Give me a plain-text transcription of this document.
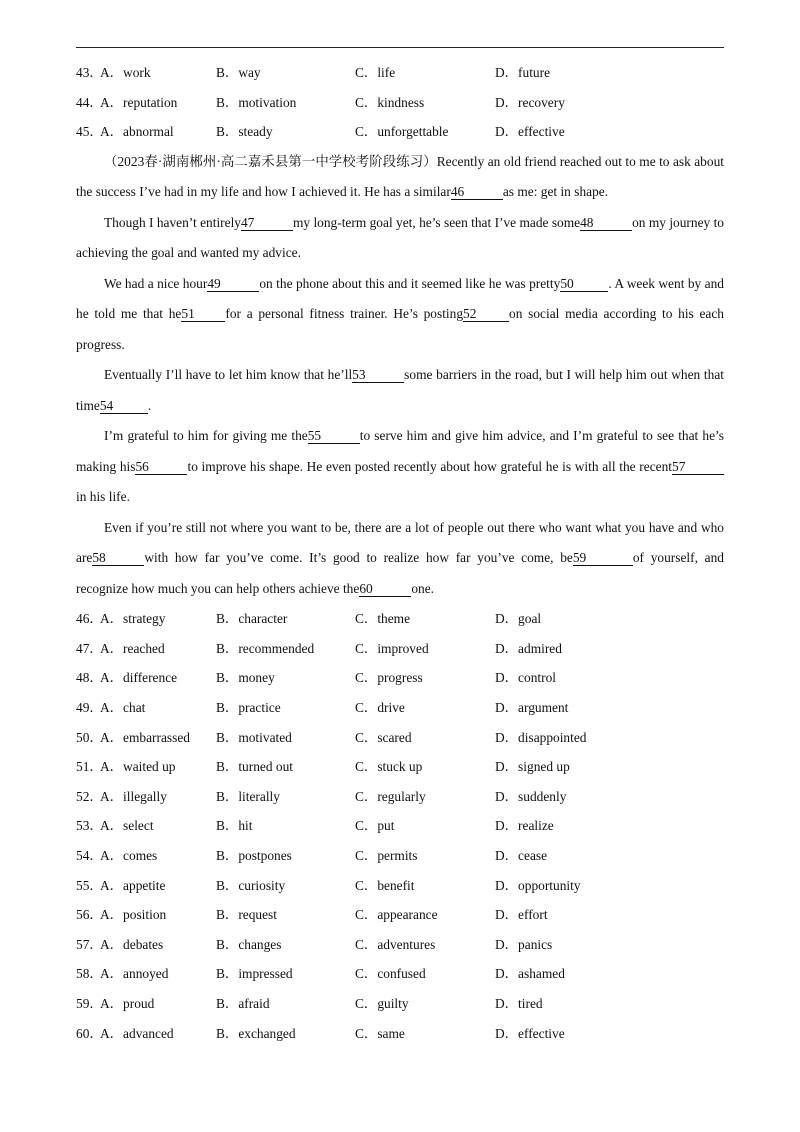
43．
A．work	B．way	C．life	D．future
44．
A．reputation	B．motivation	C．kindness	D．recovery
45．
A．abnormal	B．steady	C．unforgettable	D．effective

（2023春·湖南郴州·高二嘉禾县第一中学校考阶段练习）Recently an old friend reached out to me to ask about the success I’ve had in my life and how I achieved it. He has a similar46	as me: get in shape.

Though I haven’t entirely47	my long-term goal yet, he’s seen that I’ve made some48	on my journey to achieving the goal and wanted my advice.

We had a nice hour49	on the phone about this and it seemed like he was pretty50	. A week went by and he told me that he51 for a personal fitness trainer. He’s posting52 on social media according to his each progress.

Eventually I’ll have to let him know that he’ll53	some barriers in the road, but I will help him out when that time54	.

I’m grateful to him for giving me the55	to serve him and give him advice, and I’m grateful to see that he’s making his56	to improve his shape. He even posted recently about how grateful he is with all the recent57in his life.

Even if you’re still not where you want to be, there are a lot of people out there who want what you have and who are58	with how far you’ve come. It’s good to realize how far you’ve come, be59	of yourself, and recognize how much you can help others achieve the60	one.

46．
A．strategy	B．character	C．theme	D．goal
47．
A．reached	B．recommended	C．improved	D．admired
48．
A．difference	B．money	C．progress	D．control
49．
A．chat	B．practice	C．drive	D．argument
50．
A．embarrassed B．motivated	C．scared	D．disappointed
51．
A．waited up	B．turned out	C．stuck up	D．signed up
52．
A．illegally	B．literally	C．regularly	D．suddenly
53．
A．select	B．hit	C．put	D．realize
54．
A．comes	B．postpones	C．permits	D．cease
55．
A．appetite	B．curiosity	C．benefit	D．opportunity
56．
A．position	B．request	C．appearance	D．effort
57．
A．debates	B．changes	C．adventures	D．panics
58．
A．annoyed	B．impressed	C．confused	D．ashamed
59．
A．proud	B．afraid	C．guilty	D．tired
60．
A．advanced	B．exchanged	C．same	D．effective
